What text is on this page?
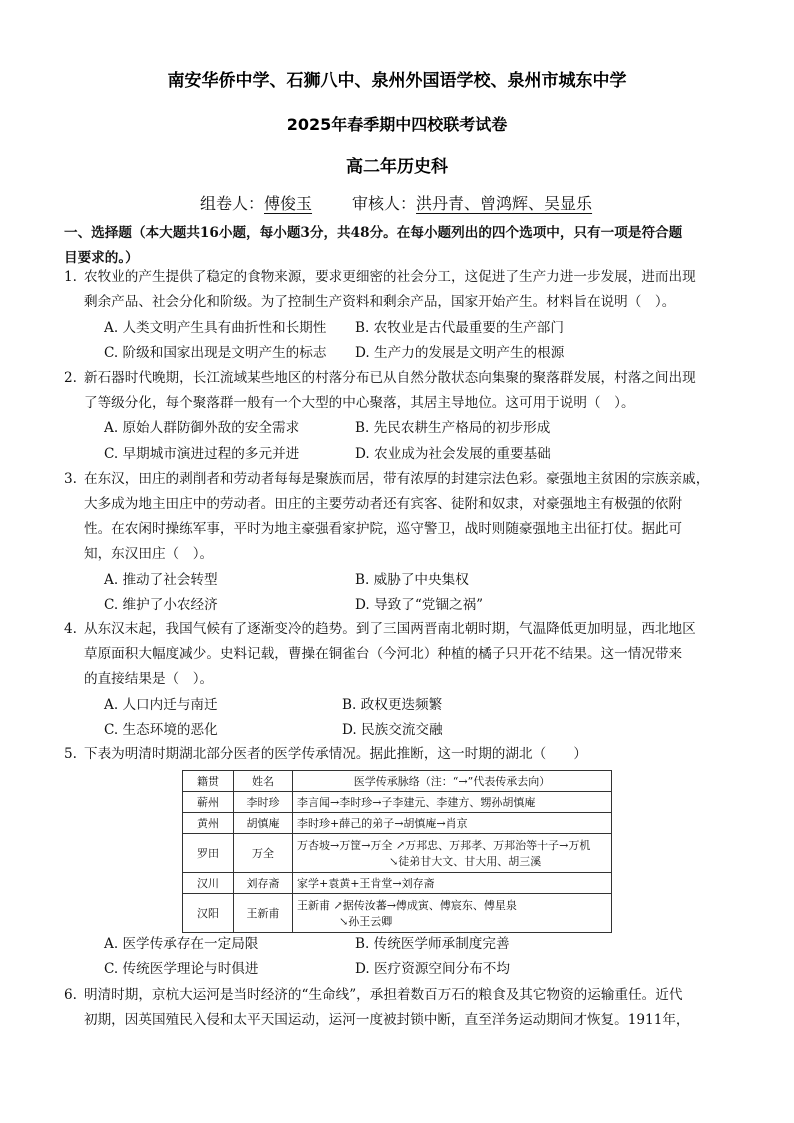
南安华侨中学、石狮八中、泉州外国语学校、泉州市城东中学
2025年春季期中四校联考试卷
高二年历史科
组卷人：傅俊玉	审核人：洪丹青、曾鸿辉、吴显乐
一、选择题（本大题共16小题，每小题3分，共48分。在每小题列出的四个选项中，只有一项是符合题
目要求的。）
1. 农牧业的产生提供了稳定的食物来源，要求更细密的社会分工，这促进了生产力进一步发展，进而出现
剩余产品、社会分化和阶级。为了控制生产资料和剩余产品，国家开始产生。材料旨在说明（　）。
A. 人类文明产生具有曲折性和长期性 B. 农牧业是古代最重要的生产部门
C. 阶级和国家出现是文明产生的标志 D. 生产力的发展是文明产生的根源
2. 新石器时代晚期，长江流域某些地区的村落分布已从自然分散状态向集聚的聚落群发展，村落之间出现
了等级分化，每个聚落群一般有一个大型的中心聚落，其居主导地位。这可用于说明（　）。
A. 原始人群防御外敌的安全需求	B. 先民农耕生产格局的初步形成
C. 早期城市演进过程的多元并进	D. 农业成为社会发展的重要基础
3. 在东汉，田庄的剥削者和劳动者每每是聚族而居，带有浓厚的封建宗法色彩。豪强地主贫困的宗族亲戚，
大多成为地主田庄中的劳动者。田庄的主要劳动者还有宾客、徒附和奴隶，对豪强地主有极强的依附
性。在农闲时操练军事，平时为地主豪强看家护院，巡守警卫，战时则随豪强地主出征打仗。据此可
知，东汉田庄（　）。
A. 推动了社会转型	B. 威胁了中央集权
C. 维护了小农经济	D. 导致了“党锢之祸”
4. 从东汉末起，我国气候有了逐渐变冷的趋势。到了三国两晋南北朝时期，气温降低更加明显，西北地区
草原面积大幅度减少。史料记载，曹操在铜雀台（今河北）种植的橘子只开花不结果。这一情况带来
的直接结果是（　）。
A. 人口内迁与南迁	B. 政权更迭频繁
C. 生态环境的恶化	D. 民族交流交融
5. 下表为明清时期湖北部分医者的医学传承情况。据此推断，这一时期的湖北（　　）
籍贯	姓名	医学传承脉络（注：“→”代表传承去向）
蕲州	李时珍	李言闻→李时珍→子李建元、李建方、甥孙胡慎庵
黄州	胡慎庵	李时珍+薛己的弟子→胡慎庵→肖京
罗田	万全	万杏坡→万筐→万全 ↗万邦忠、万邦孝、万邦治等十子→万机
↘徒弟甘大文、甘大用、胡三溪

汉川	刘存斋	家学+袁黄+王肯堂→刘存斋
汉阳	王新甫	王新甫 ↗据传汝蕃→傅成寅、傅宸东、傅星泉
↘孙王云卿
A. 医学传承存在一定局限	B. 传统医学师承制度完善
C. 传统医学理论与时俱进	D. 医疗资源空间分布不均
6. 明清时期，京杭大运河是当时经济的“生命线”，承担着数百万石的粮食及其它物资的运输重任。近代
初期，因英国殖民入侵和太平天国运动，运河一度被封锁中断，直至洋务运动期间才恢复。1911年，
